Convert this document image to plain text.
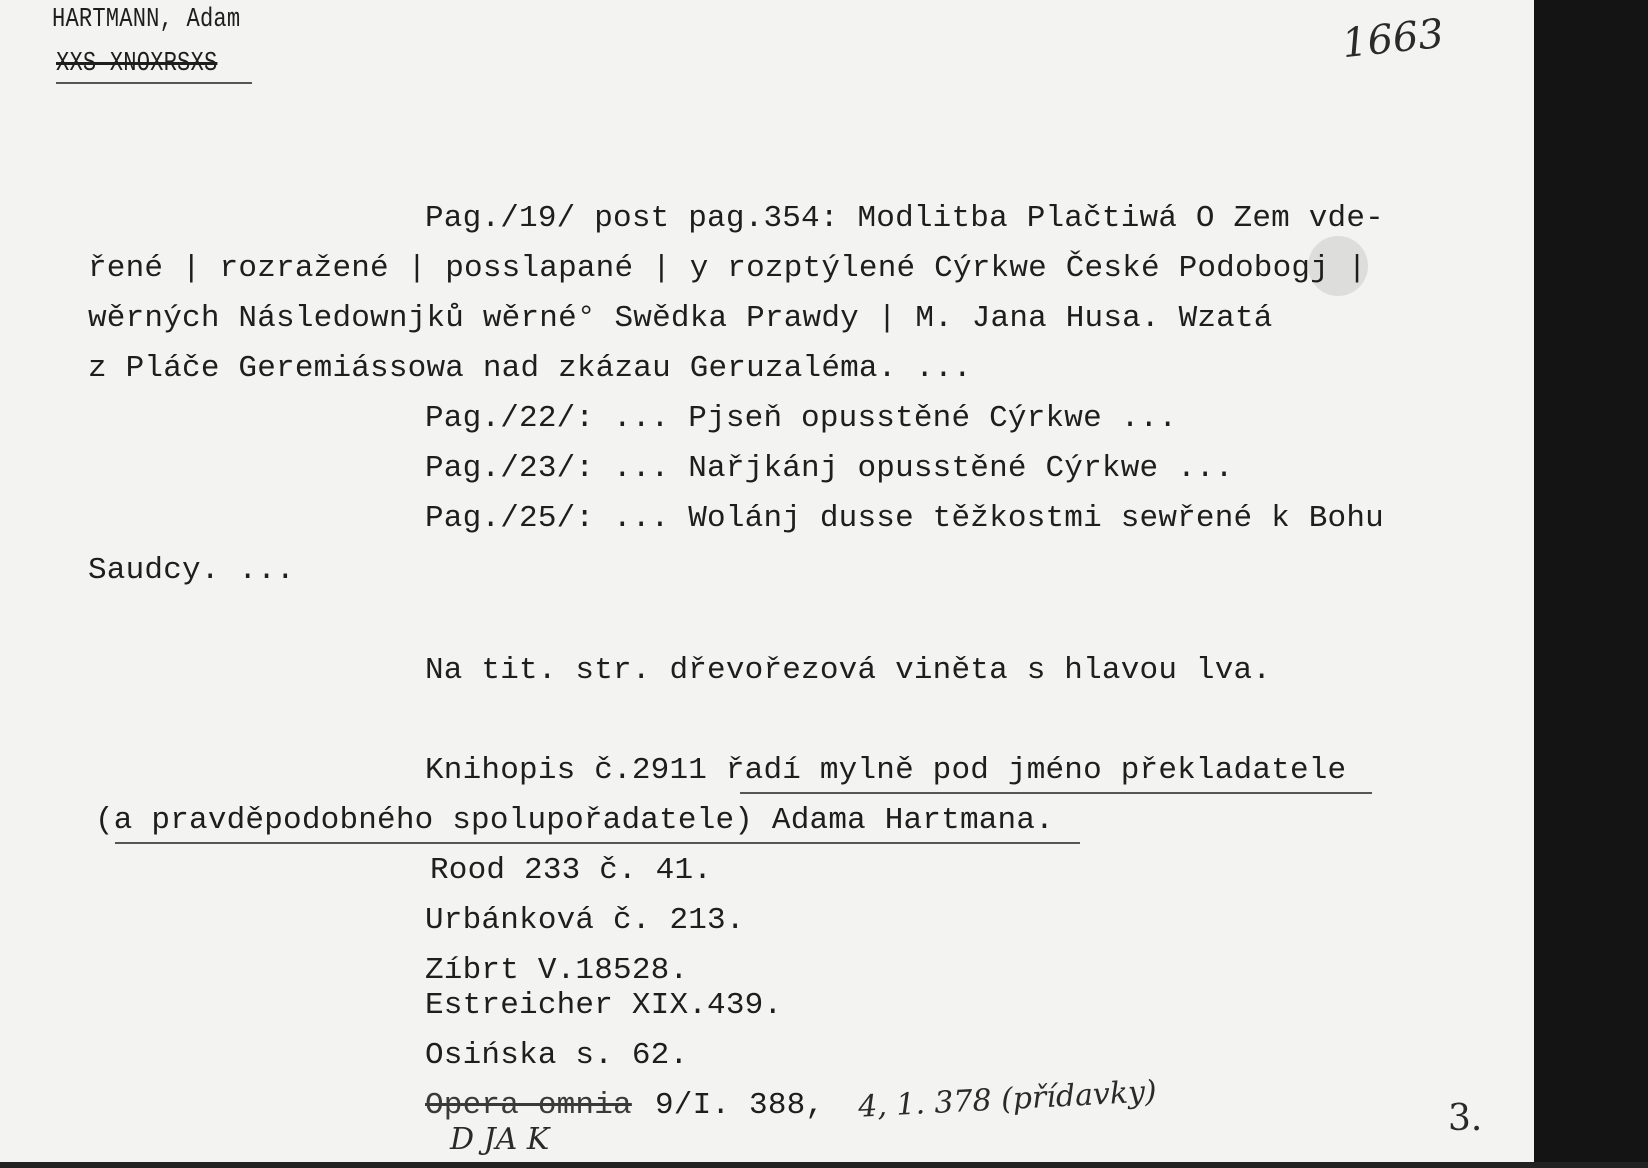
HARTMANN, Adam
XXS XNOXRSXS	1663
Pag./19/ post pag.354: Modlitba Plačtiwá O Zem vde-
řené | rozražené | posslapané | y rozptýlené Cýrkwe České Podobogj |
wěrných Následownjků wěrné° Swědka Prawdy | M. Jana Husa. Wzatá
z Pláče Geremiássowa nad zkázau Geruzaléma. ...
Pag./22/: ... Pjseň opusstěné Cýrkwe ...
Pag./23/: ... Nařjkánj opusstěné Cýrkwe ...
Pag./25/: ... Wolánj dusse těžkostmi sewřené k Bohu
Saudcy. ...
Na tit. str. dřevořezová viněta s hlavou lva.
Knihopis č.2911 řadí mylně pod jméno překladatele
(a pravděpodobného spolupořadatele) Adama Hartmana.
Rood 233 č. 41.
Urbánková č. 213.
Zíbrt V.18528.
Estreicher XIX.439.
Osińska s. 62.
Opera omnia 9/I. 388, 4, 1. 378 (přídavky)
D JA K
3.
